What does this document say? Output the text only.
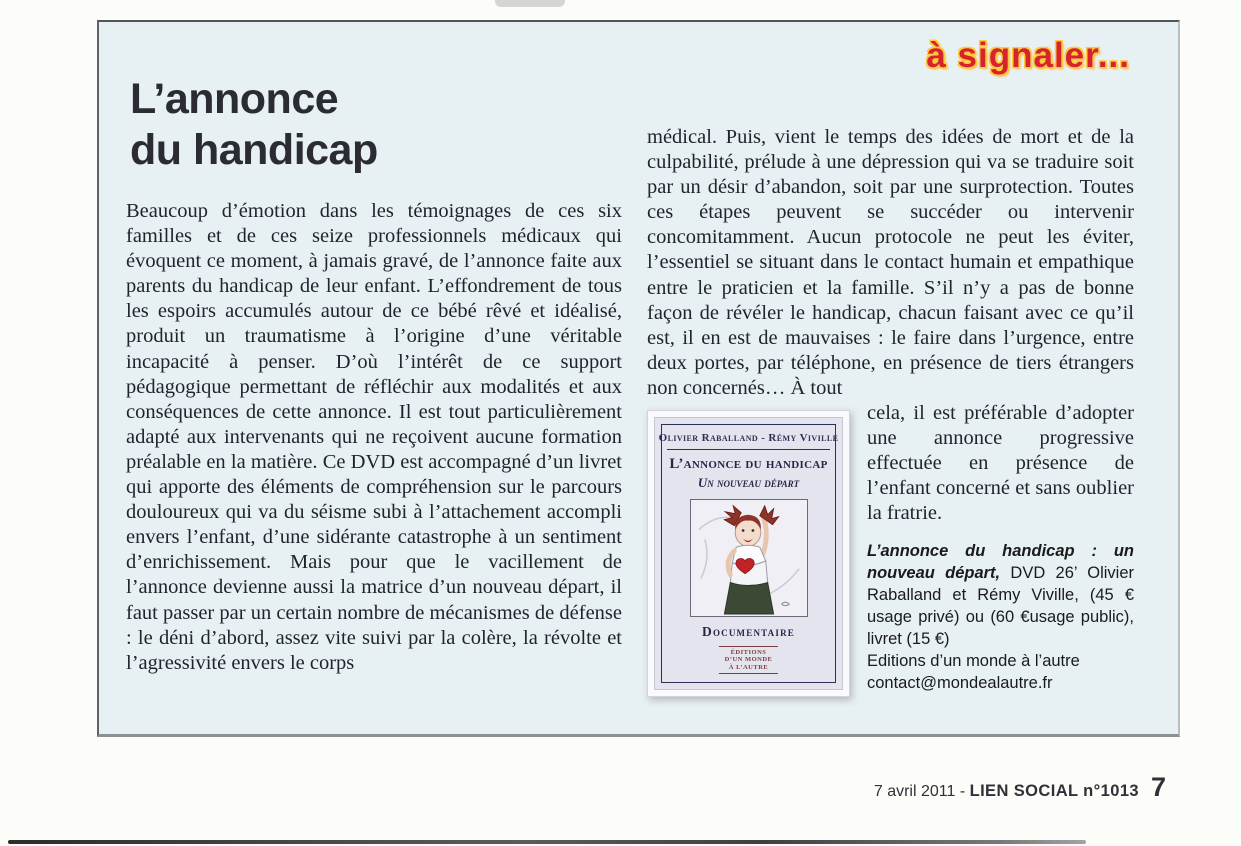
à signaler...
L’annonce
du handicap
Beaucoup d’émotion dans les témoignages de ces six familles et de ces seize professionnels médicaux qui évoquent ce moment, à jamais gravé, de l’annonce faite aux parents du handicap de leur enfant. L’effondrement de tous les espoirs accumulés autour de ce bébé rêvé et idéalisé, produit un traumatisme à l’origine d’une véritable incapacité à penser. D’où l’intérêt de ce support pédagogique permettant de réfléchir aux modalités et aux conséquences de cette annonce. Il est tout particulièrement adapté aux intervenants qui ne reçoivent aucune formation préalable en la matière. Ce DVD est accompagné d’un livret qui apporte des éléments de compréhension sur le parcours douloureux qui va du séisme subi à l’attachement accompli envers l’enfant, d’une sidérante catastrophe à un sentiment d’enrichissement. Mais pour que le vacillement de l’annonce devienne aussi la matrice d’un nouveau départ, il faut passer par un certain nombre de mécanismes de défense : le déni d’abord, assez vite suivi par la colère, la révolte et l’agressivité envers le corps

médical. Puis, vient le temps des idées de mort et de la culpabilité, prélude à une dépression qui va se traduire soit par un désir d’abandon, soit par une surprotection. Toutes ces étapes peuvent se succéder ou intervenir concomitamment. Aucun protocole ne peut les éviter, l’essentiel se situant dans le contact humain et empathique entre le praticien et la famille. S’il n’y a pas de bonne façon de révéler le handicap, chacun faisant avec ce qu’il est, il en est de mauvaises : le faire dans l’urgence, entre deux portes, par téléphone, en présence de tiers étrangers non concernés… À tout

Olivier Raballand - Rémy Viville
L’annonce du handicap
Un nouveau départ
Documentaire
ÉDITIONS
D’UN MONDE
À L’AUTRE

cela, il est préférable d’adopter une annonce progressive effectuée en présence de l’enfant concerné et sans oublier la fratrie.

L’annonce du handicap : un nouveau départ, DVD 26’ Olivier Raballand et Rémy Viville, (45 € usage privé) ou (60 €usage public), livret (15 €)
Editions d’un monde à l’autre
contact@mondealautre.fr
7 avril 2011 - LIEN SOCIAL n°1013 7
